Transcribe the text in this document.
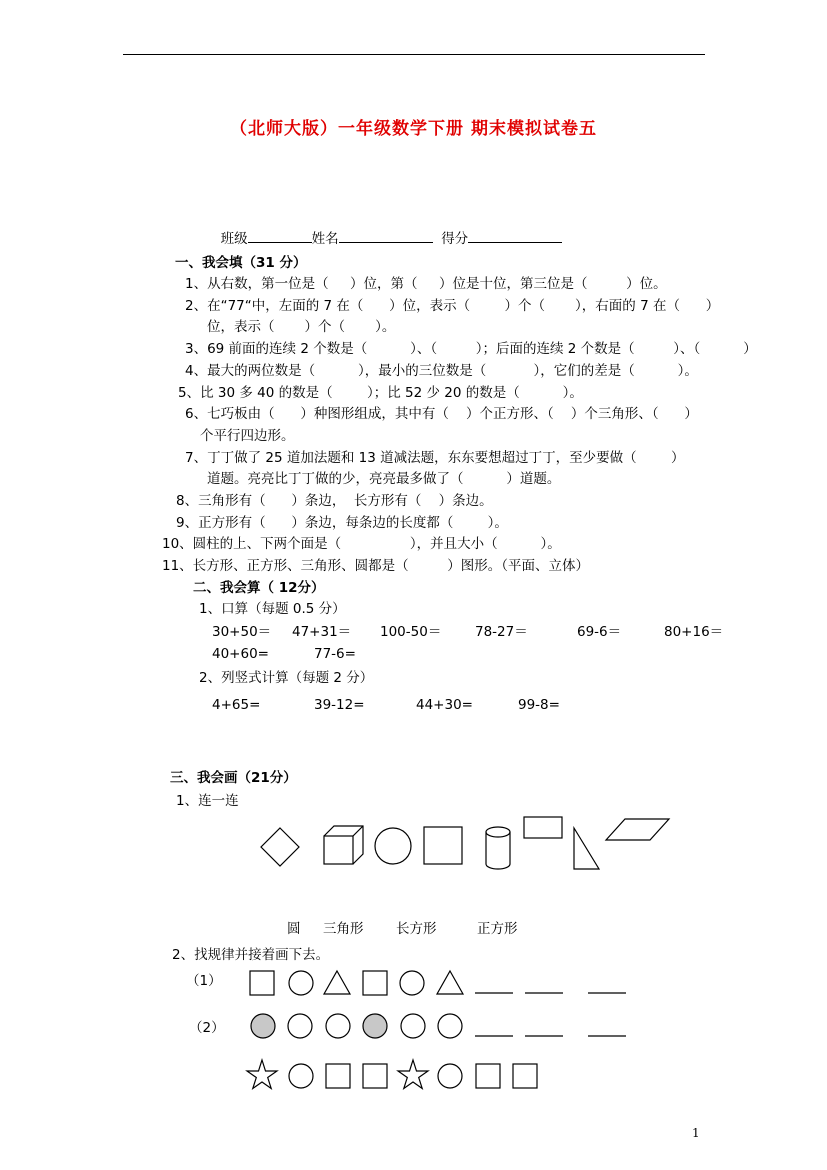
（北师大版）一年级数学下册 期末模拟试卷五

班级	姓名	得分

一、我会填（31 分）
1、从右数，第一位是（     ）位，第（     ）位是十位，第三位是（         ）位。
2、在“77“中，左面的 7 在（      ）位，表示（        ）个（       ），右面的 7 在（      ）
位，表示（       ）个（       ）。
3、69 前面的连续 2 个数是（          ）、（         ）；后面的连续 2 个数是（         ）、（          ）
4、最大的两位数是（          ），最小的三位数是（           ），它们的差是（          ）。
5、比 30 多 40 的数是（        ）；比 52 少 20 的数是（          ）。
6、七巧板由（      ）种图形组成，其中有（    ）个正方形、（    ）个三角形、（      ）
个平行四边形。
7、丁丁做了 25 道加法题和 13 道减法题，东东要想超过丁丁，至少要做（        ）
道题。亮亮比丁丁做的少，亮亮最多做了（          ）道题。
8、三角形有（      ）条边，  长方形有（    ）条边。
9、正方形有（      ）条边，每条边的长度都（        ）。
10、圆柱的上、下两个面是（                ），并且大小（          ）。
11、长方形、正方形、三角形、圆都是（         ）图形。（平面、立体）
二、我会算（ 12分）
1、口算（每题 0.5 分）
30+50＝ 47+31＝ 100-50＝ 78-27＝	69-6＝	80+16＝
40+60=	77-6=
2、列竖式计算（每题 2 分）
4+65=	39-12=	44+30=	99-8=
三、我会画（21分）
1、连一连
圆 三角形 长方形	正方形
2、找规律并接着画下去。
（1）
（2）
1
